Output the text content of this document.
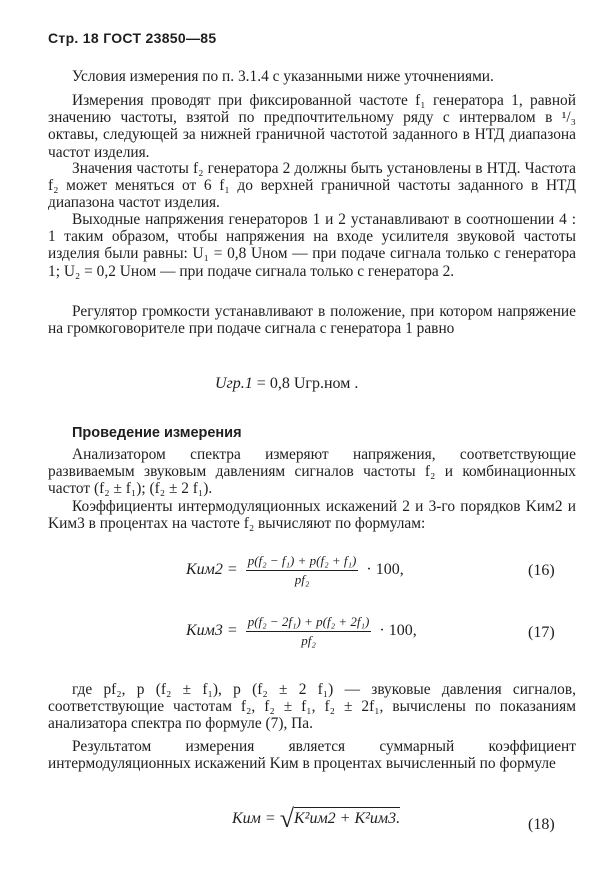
Стр. 18 ГОСТ 23850—85

Условия измерения по п. 3.1.4 с указанными ниже уточнениями.

Измерения проводят при фиксированной частоте f₁ генератора 1, равной значению частоты, взятой по предпочтительному ряду с интервалом в ¹/₃ октавы, следующей за нижней граничной частотой заданного в НТД диапазона частот изделия.

Значения частоты f₂ генератора 2 должны быть установлены в НТД. Частота f₂ может меняться от 6 f₁ до верхней граничной частоты заданного в НТД диапазона частот изделия.

Выходные напряжения генераторов 1 и 2 устанавливают в соотношении 4 : 1 таким образом, чтобы напряжения на входе усилителя звуковой частоты изделия были равны: U₁ = 0,8 Uном — при подаче сигнала только с генератора 1; U₂ = 0,2 Uном — при подаче сигнала только с генератора 2.

Регулятор громкости устанавливают в положение, при котором напряжение на громкоговорителе при подаче сигнала с генератора 1 равно

Uгр.1 = 0,8 Uгр.ном .
Проведение измерения

Анализатором спектра измеряют напряжения, соответствующие развиваемым звуковым давлениям сигналов частоты f₂ и комбинационных частот (f₂ ± f₁); (f₂ ± 2 f₁).

Коэффициенты интермодуляционных искажений 2 и 3-го порядков Kим2 и Kим3 в процентах на частоте f₂ вычисляют по формулам:

$Kим2 = \frac{\text{p(f₂ − f₁) + p(f₂ + f₁)}}{\text{pf₂}} \cdot 100$,	(16)
$Kим3 = \frac{\text{p(f₂ − 2f₁) + p(f₂ + 2f₁)}}{\text{pf₂}} \cdot 100$,	(17)

где pf₂, p (f₂ ± f₁), p (f₂ ± 2 f₁) — звуковые давления сигналов, соответствующие частотам f₂, f₂ ± f₁, f₂ ± 2f₁, вычислены по показаниям анализатора спектра по формуле (7), Па.

Результатом измерения является суммарный коэффициент интермодуляционных искажений Kим в процентах вычисленный по формуле

Kим = √K²им2 + K²им3.	(18)
